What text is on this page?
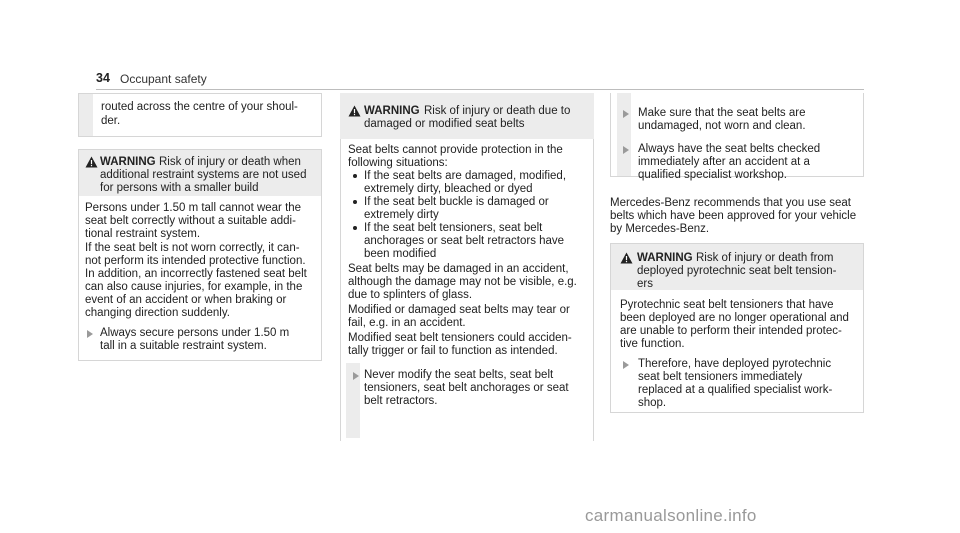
34 Occupant safety
routed across the centre of your shoul-
der.
WARNING Risk of injury or death when
additional restraint systems are not used
for persons with a smaller build
Persons under 1.50 m tall cannot wear the
seat belt correctly without a suitable addi-
tional restraint system.
If the seat belt is not worn correctly, it can-
not perform its intended protective function.
In addition, an incorrectly fastened seat belt
can also cause injuries, for example, in the
event of an accident or when braking or
changing direction suddenly.
Always secure persons under 1.50 m
tall in a suitable restraint system.
WARNING Risk of injury or death due to
damaged or modified seat belts
Seat belts cannot provide protection in the
following situations:
If the seat belts are damaged, modified,
extremely dirty, bleached or dyed
If the seat belt buckle is damaged or
extremely dirty
If the seat belt tensioners, seat belt
anchorages or seat belt retractors have
been modified
Seat belts may be damaged in an accident,
although the damage may not be visible, e.g.
due to splinters of glass.
Modified or damaged seat belts may tear or
fail, e.g. in an accident.
Modified seat belt tensioners could acciden-
tally trigger or fail to function as intended.
Never modify the seat belts, seat belt
tensioners, seat belt anchorages or seat
belt retractors.
Make sure that the seat belts are
undamaged, not worn and clean.
Always have the seat belts checked
immediately after an accident at a
qualified specialist workshop.
Mercedes-Benz recommends that you use seat
belts which have been approved for your vehicle
by Mercedes-Benz.
WARNING Risk of injury or death from
deployed pyrotechnic seat belt tension-
ers
Pyrotechnic seat belt tensioners that have
been deployed are no longer operational and
are unable to perform their intended protec-
tive function.
Therefore, have deployed pyrotechnic
seat belt tensioners immediately
replaced at a qualified specialist work-
shop.
carmanualsonline.info
